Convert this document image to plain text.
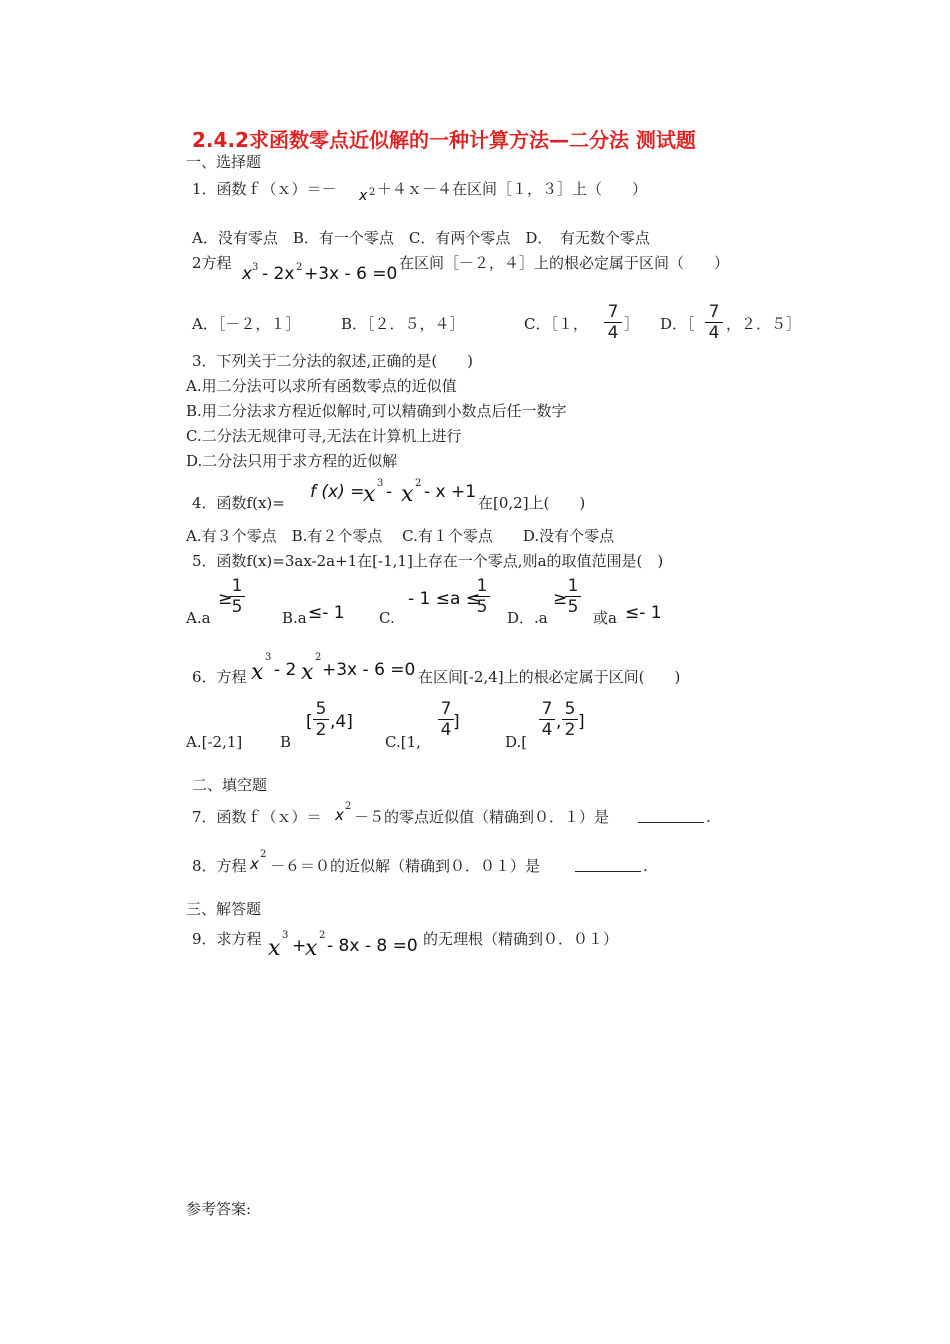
2.4.2求函数零点近似解的一种计算方法—二分法 测试题
一、选择题
1．函数ｆ（ｘ）＝－ x 2 ＋４ｘ－４在区间［１，３］上（　　）
A．没有零点　B．有一个零点　C．有两个零点　D．　有无数个零点
2方程
x 3 - 2x 2 +3x - 6 =0
在区间［－２，４］上的根必定属于区间（　　）
A．［－２，１］	B．［２．５，４］	C．［１，
7
4 ］ D．［
7
4 ，２．５］
3．下列关于二分法的叙述,正确的是(　　)
A.用二分法可以求所有函数零点的近似值
B.用二分法求方程近似解时,可以精确到小数点后任一数字
C.二分法无规律可寻,无法在计算机上进行
D.二分法只用于求方程的近似解
4．函数f(x)=
f (x) =
x 3 - x 2 - x +1
在[0,2]上(　　)
A.有３个零点　B.有２个零点　 C.有１个零点　　D.没有个零点
5．函数f(x)=3ax-2a+1在[-1,1]上存在一个零点,则a的取值范围是(　)
A.a
≥
1
5
B.a ≤- 1 C.
- 1 ≤a ≤
1
5
D．.a
≥
1
5
或a ≤- 1
6．方程 x
3
- 2 x
2
+3x - 6 =0 在区间[-2,4]上的根必定属于区间(　　)
A.[-2,1]	B
[
5
2 ,4]
C.[1,
7
4 ]
D.[
7
4 ,
5
2 ]
二、填空题
7．函数ｆ（ｘ）＝ x 2
－５的零点近似值（精确到０．１）是	.
8．方程 x
2
－６＝０的近似解（精确到０．０１）是	.
三、解答题
9．求方程 x
3
+
x
2
- 8x - 8 =0 的无理根（精确到０．０１）
参考答案:
